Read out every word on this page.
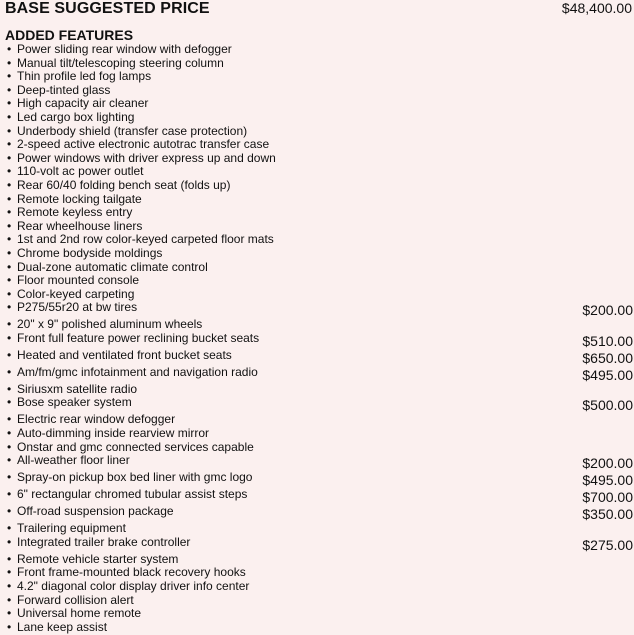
BASE SUGGESTED PRICE	$48,400.00
ADDED FEATURES
• Power sliding rear window with defogger
• Manual tilt/telescoping steering column
• Thin profile led fog lamps
• Deep-tinted glass
• High capacity air cleaner
• Led cargo box lighting
• Underbody shield (transfer case protection)
• 2-speed active electronic autotrac transfer case
• Power windows with driver express up and down
• 110-volt ac power outlet
• Rear 60/40 folding bench seat (folds up)
• Remote locking tailgate
• Remote keyless entry
• Rear wheelhouse liners
• 1st and 2nd row color-keyed carpeted floor mats
• Chrome bodyside moldings
• Dual-zone automatic climate control
• Floor mounted console
• Color-keyed carpeting
• P275/55r20 at bw tires	$200.00
• 20" x 9" polished aluminum wheels
• Front full feature power reclining bucket seats	$510.00
• Heated and ventilated front bucket seats	$650.00
• Am/fm/gmc infotainment and navigation radio	$495.00
• Siriusxm satellite radio
• Bose speaker system	$500.00
• Electric rear window defogger
• Auto-dimming inside rearview mirror
• Onstar and gmc connected services capable
• All-weather floor liner	$200.00
• Spray-on pickup box bed liner with gmc logo	$495.00
• 6" rectangular chromed tubular assist steps	$700.00
• Off-road suspension package	$350.00
• Trailering equipment
• Integrated trailer brake controller	$275.00
• Remote vehicle starter system
• Front frame-mounted black recovery hooks
• 4.2" diagonal color display driver info center
• Forward collision alert
• Universal home remote
• Lane keep assist
